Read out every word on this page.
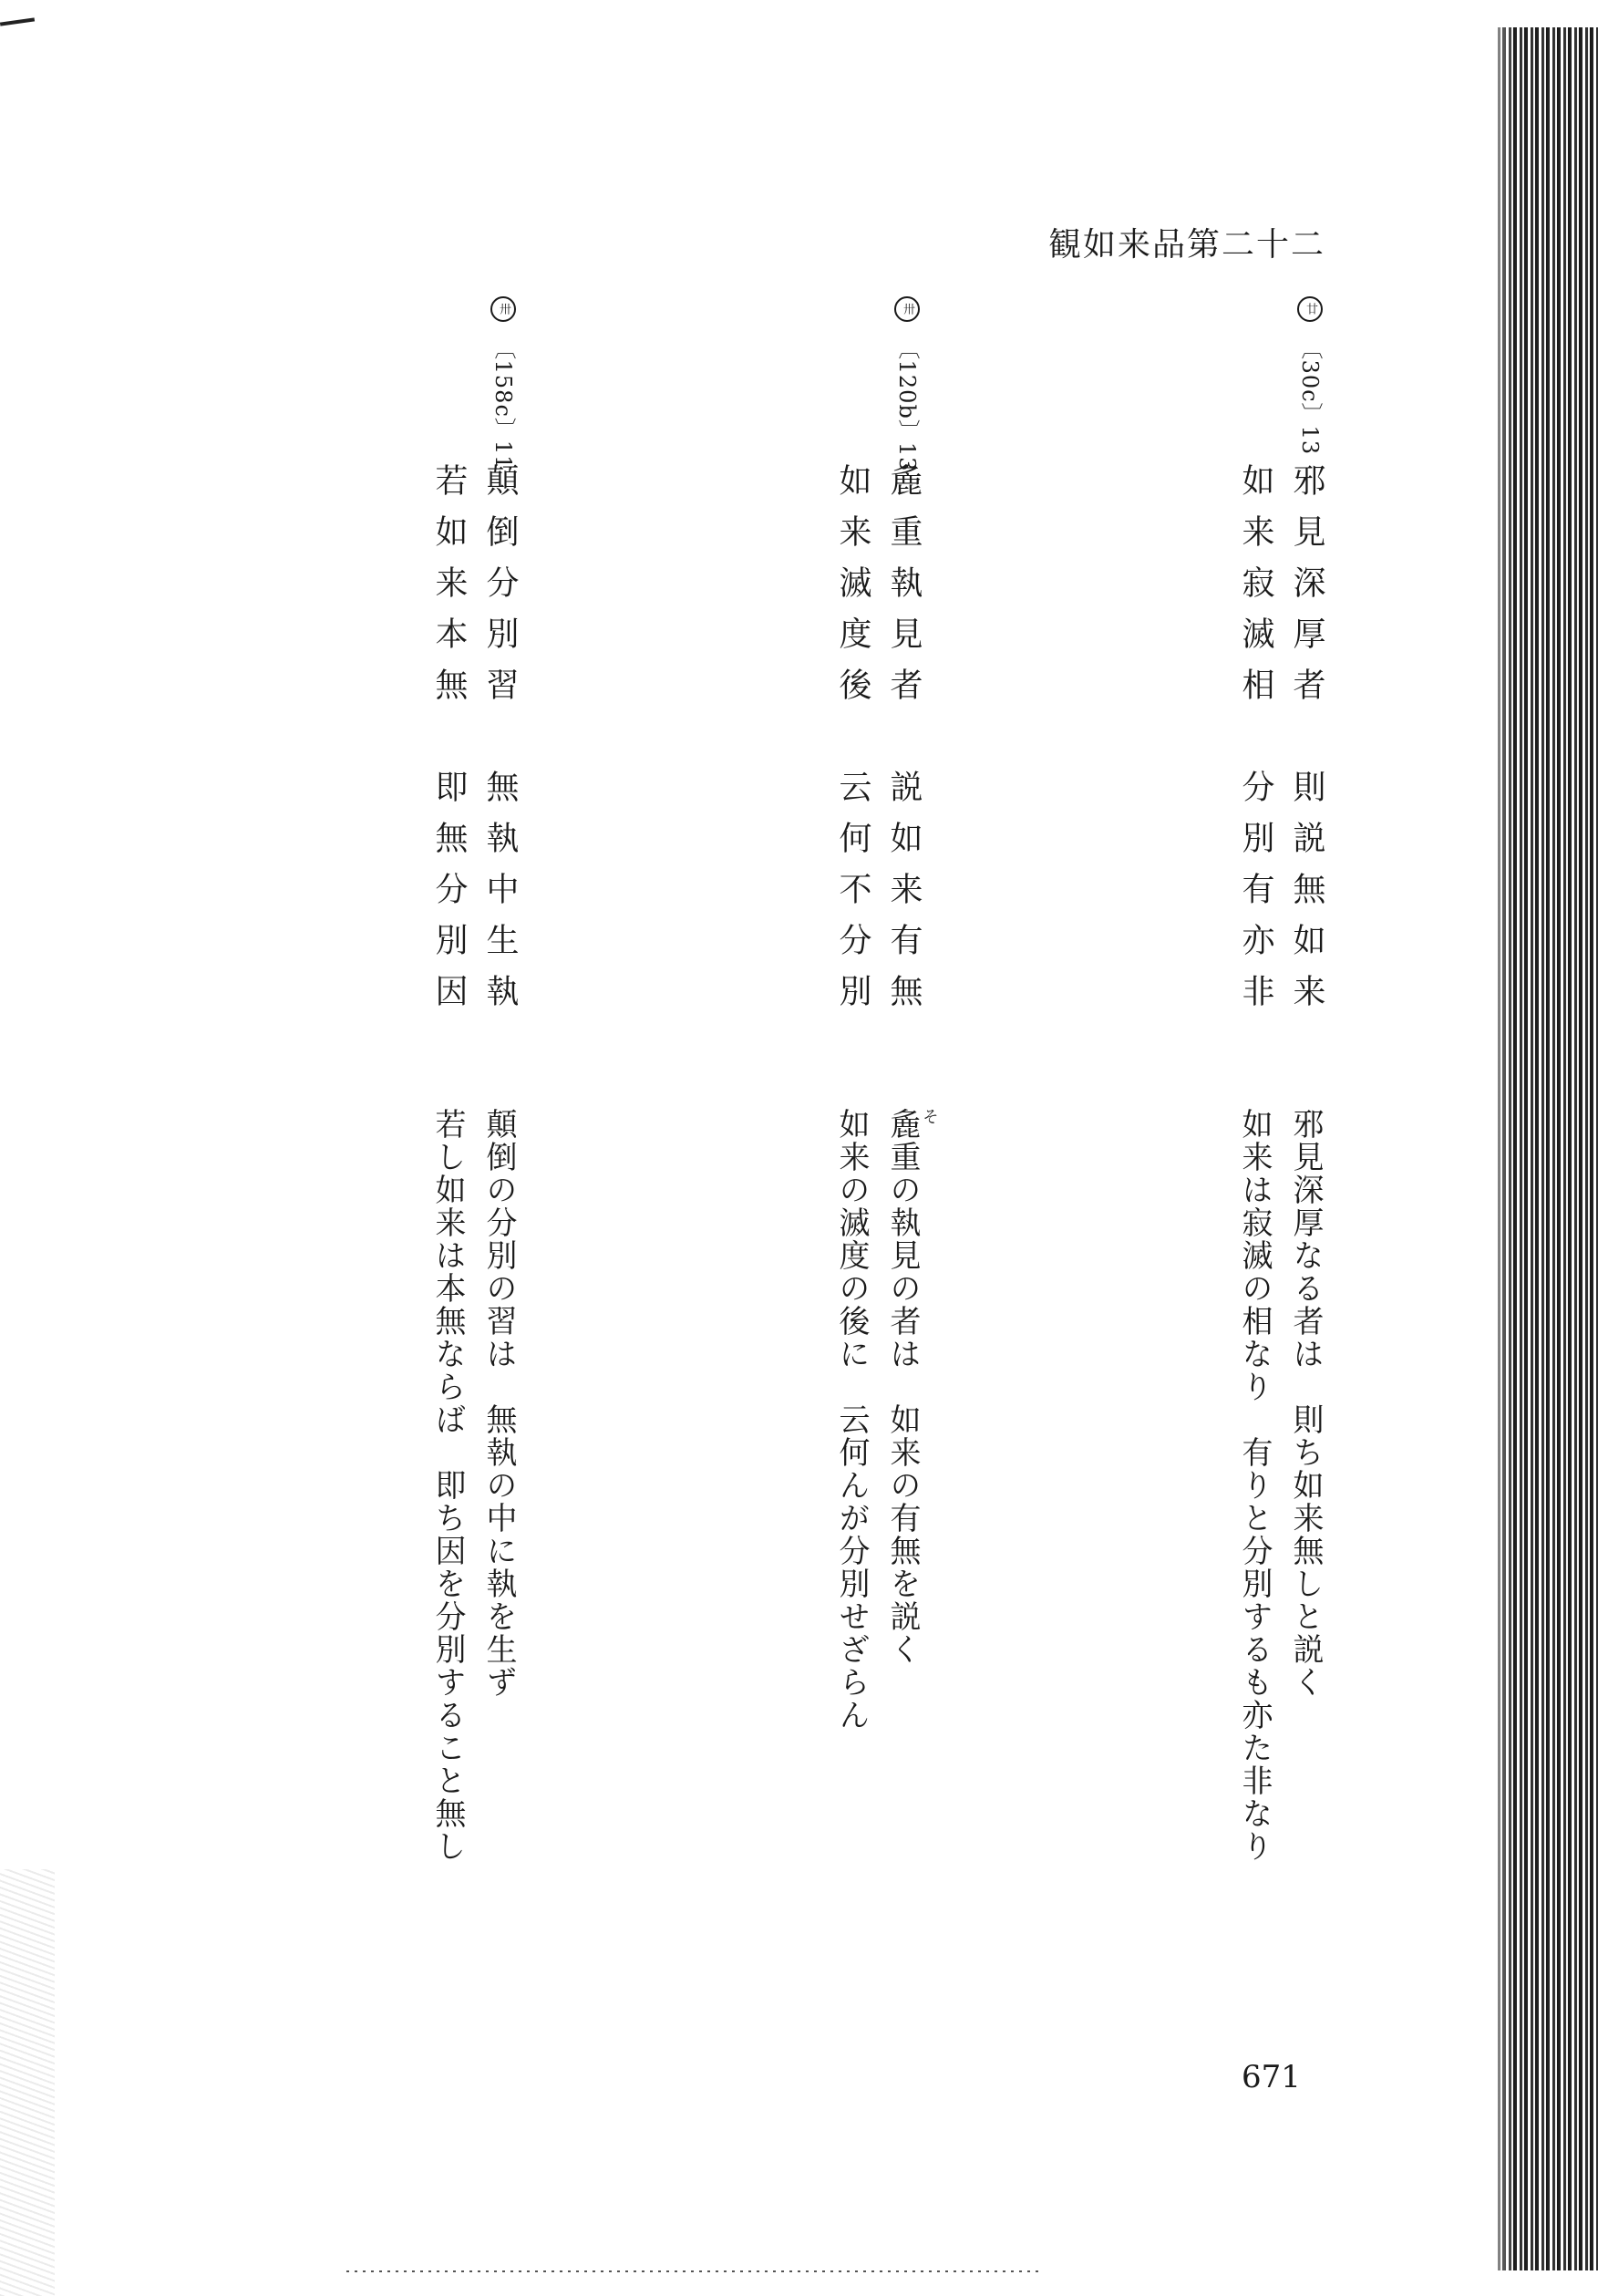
観如来品第二十二
廿 〔30c〕13
邪見深厚者　則説無如来
如来寂滅相　分別有亦非
邪見深厚なる者は　則ち如来無しと説く
如来は寂滅の相なり　有りと分別するも亦た非なり
卅 〔120b〕13
麁重執見者　説如来有無
如来滅度後　云何不分別
そ
麁重の執見の者は　如来の有無を説く
如来の滅度の後に　云何んが分別せざらん
卅 〔158c〕11
顛倒分別習　無執中生執
若如来本無　即無分別因
顛倒の分別の習は　無執の中に執を生ず
若し如来は本無ならば　即ち因を分別すること無し
671
